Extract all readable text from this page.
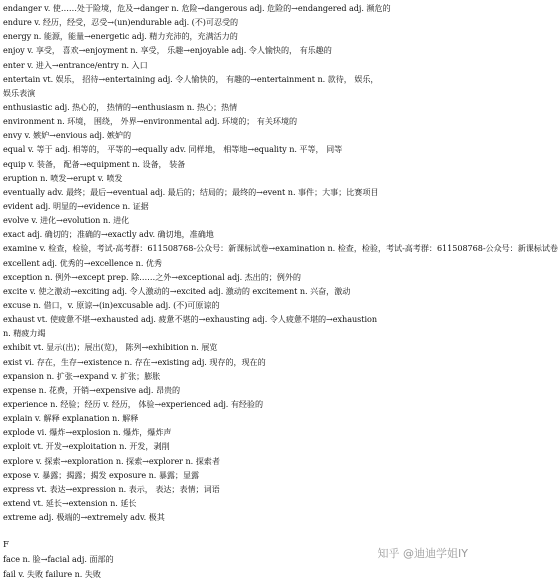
endanger v. 使……处于险境，危及→danger n. 危险→dangerous adj. 危险的→endangered adj. 濒危的
endure v. 经历，经受，忍受→(un)endurable adj. (不)可忍受的
energy n. 能源，能量→energetic adj. 精力充沛的，充满活力的
enjoy v. 享受， 喜欢→enjoyment n. 享受， 乐趣→enjoyable adj. 令人愉快的， 有乐趣的
enter v. 进入→entrance/entry n. 入口
entertain vt. 娱乐， 招待→entertaining adj. 令人愉快的， 有趣的→entertainment n. 款待， 娱乐，
娱乐表演
enthusiastic adj. 热心的， 热情的→enthusiasm n. 热心；热情
environment n. 环境， 围绕， 外界→environmental adj. 环境的； 有关环境的
envy v. 嫉妒→envious adj. 嫉妒的
equal v. 等于 adj. 相等的， 平等的→equally adv. 同样地， 相等地→equality n. 平等， 同等
equip v. 装备， 配备→equipment n. 设备， 装备
eruption n. 喷发→erupt v. 喷发
eventually adv. 最终；最后→eventual adj. 最后的；结局的；最终的→event n. 事件；大事；比赛项目
evident adj. 明显的→evidence n. 证据
evolve v. 进化→evolution n. 进化
exact adj. 确切的；准确的→exactly adv. 确切地，准确地
examine v. 检查，检验，考试-高考群：611508768-公众号：新课标试卷→examination n. 检查，检验，考试-高考群：611508768-公众号：新课标试卷
excellent adj. 优秀的→excellence n. 优秀
exception n. 例外→except prep. 除……之外→exceptional adj. 杰出的；例外的
excite v. 使之激动→exciting adj. 令人激动的→excited adj. 激动的 excitement n. 兴奋，激动
excuse n. 借口，v. 原谅→(in)excusable adj. (不)可原谅的
exhaust vt. 使疲惫不堪→exhausted adj. 疲惫不堪的→exhausting adj. 令人疲惫不堪的→exhaustion
n. 精疲力竭
exhibit vt. 显示(出)；展出(览)， 陈列→exhibition n. 展览
exist vi. 存在，生存→existence n. 存在→existing adj. 现存的，现在的
expansion n. 扩张→expand v. 扩张；膨胀
expense n. 花费，开销→expensive adj. 昂贵的
experience n. 经验；经历 v. 经历， 体验→experienced adj. 有经验的
explain v. 解释 explanation n. 解释
explode vi. 爆炸→explosion n. 爆炸，爆炸声
exploit vt. 开发→exploitation n. 开发，剥削
explore v. 探索→exploration n. 探索→explorer n. 探索者
expose v. 暴露；揭露；揭发 exposure n. 暴露；显露
express vt. 表达→expression n. 表示， 表达；表情；词语
extend vt. 延长→extension n. 延长
extreme adj. 极端的→extremely adv. 极其
F
face n. 脸→facial adj. 面部的
fail v. 失败 failure n. 失败
知乎 @迪迪学姐IY
